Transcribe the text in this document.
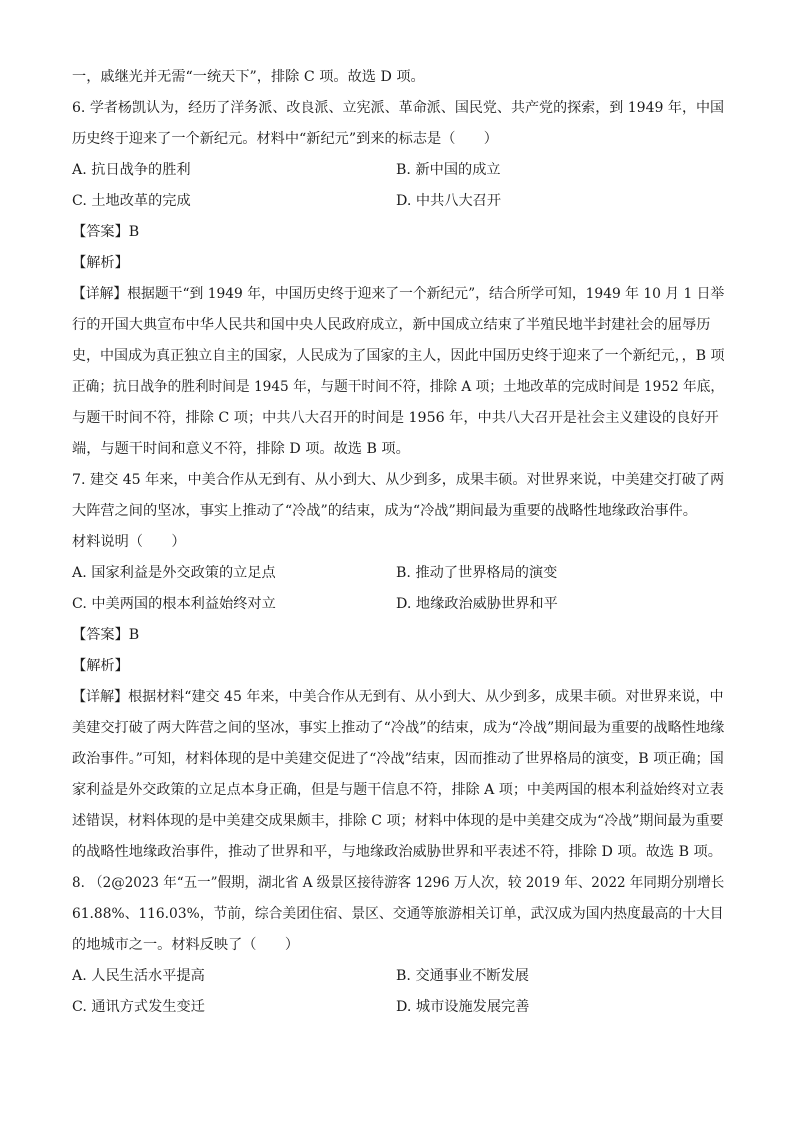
一，戚继光并无需“一统天下”，排除 C 项。故选 D 项。
6. 学者杨凯认为，经历了洋务派、改良派、立宪派、革命派、国民党、共产党的探索，到 1949 年，中国
历史终于迎来了一个新纪元。材料中“新纪元”到来的标志是（　　）
A. 抗日战争的胜利	B. 新中国的成立
C. 土地改革的完成	D. 中共八大召开
【答案】B
【解析】
【详解】根据题干“到 1949 年，中国历史终于迎来了一个新纪元”，结合所学可知，1949 年 10 月 1 日举
行的开国大典宣布中华人民共和国中央人民政府成立，新中国成立结束了半殖民地半封建社会的屈辱历
史，中国成为真正独立自主的国家，人民成为了国家的主人，因此中国历史终于迎来了一个新纪元，，B 项
正确；抗日战争的胜利时间是 1945 年，与题干时间不符，排除 A 项；土地改革的完成时间是 1952 年底，
与题干时间不符，排除 C 项；中共八大召开的时间是 1956 年，中共八大召开是社会主义建设的良好开
端，与题干时间和意义不符，排除 D 项。故选 B 项。
7. 建交 45 年来，中美合作从无到有、从小到大、从少到多，成果丰硕。对世界来说，中美建交打破了两
大阵营之间的坚冰，事实上推动了“冷战”的结束，成为“冷战”期间最为重要的战略性地缘政治事件。
材料说明（　　）
A. 国家利益是外交政策的立足点	B. 推动了世界格局的演变
C. 中美两国的根本利益始终对立	D. 地缘政治威胁世界和平
【答案】B
【解析】
【详解】根据材料“建交 45 年来，中美合作从无到有、从小到大、从少到多，成果丰硕。对世界来说，中
美建交打破了两大阵营之间的坚冰，事实上推动了“冷战”的结束，成为“冷战”期间最为重要的战略性地缘
政治事件。”可知，材料体现的是中美建交促进了“冷战”结束，因而推动了世界格局的演变，B 项正确；国
家利益是外交政策的立足点本身正确，但是与题干信息不符，排除 A 项；中美两国的根本利益始终对立表
述错误，材料体现的是中美建交成果颇丰，排除 C 项；材料中体现的是中美建交成为“冷战”期间最为重要
的战略性地缘政治事件，推动了世界和平，与地缘政治威胁世界和平表述不符，排除 D 项。故选 B 项。
8. （2@2023 年“五一”假期，湖北省 A 级景区接待游客 1296 万人次，较 2019 年、2022 年同期分别增长
61.88%、116.03%，节前，综合美团住宿、景区、交通等旅游相关订单，武汉成为国内热度最高的十大目
的地城市之一。材料反映了（　　）
A. 人民生活水平提高	B. 交通事业不断发展
C. 通讯方式发生变迁	D. 城市设施发展完善
